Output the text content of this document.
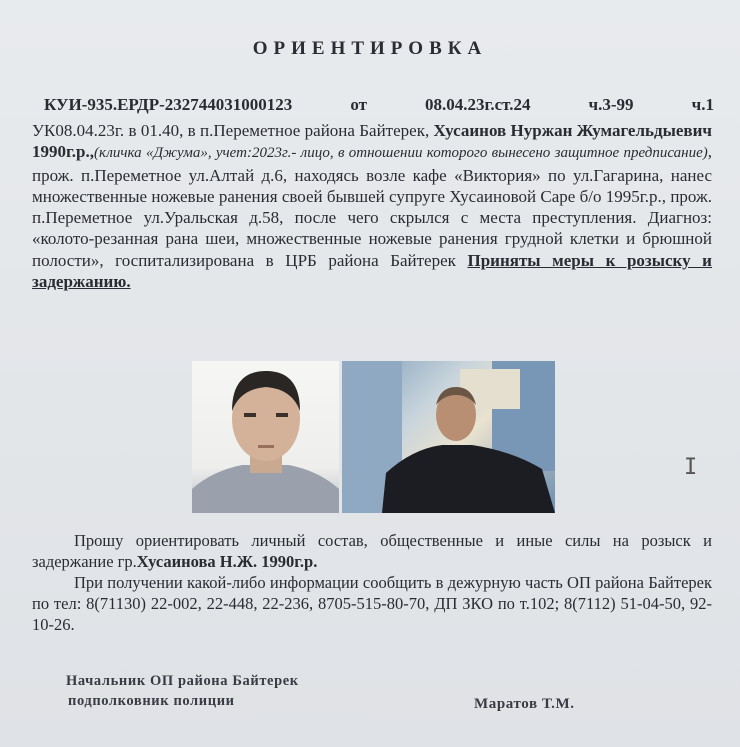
ОРИЕНТИРОВКА
КУИ-935.ЕРДР-232744031000123	от	08.04.23г.ст.24	ч.3-99	ч.1
УК08.04.23г. в 01.40, в п.Переметное района Байтерек, Хусаинов Нуржан Жумагельдыевич 1990г.р.,(кличка «Джума», учет:2023г.- лицо, в отношении которого вынесено защитное предписание), прож. п.Переметное ул.Алтай д.6, находясь возле кафе «Виктория» по ул.Гагарина, нанес множественные ножевые ранения своей бывшей супруге Хусаиновой Саре б/о 1995г.р., прож. п.Переметное ул.Уральская д.58, после чего скрылся с места преступления. Диагноз: «колото-резанная рана шеи, множественные ножевые ранения грудной клетки и брюшной полости», госпитализирована в ЦРБ района Байтерек Приняты меры к розыску и задержанию.
I

Прошу ориентировать личный состав, общественные и иные силы на розыск и задержание гр.Хусаинова Н.Ж. 1990г.р.

При получении какой-либо информации сообщить в дежурную часть ОП района Байтерек по тел: 8(71130) 22-002, 22-448, 22-236, 8705-515-80-70, ДП ЗКО по т.102; 8(7112) 51-04-50, 92-10-26.

Начальник ОП района Байтерек
подполковник полиции	Маратов Т.М.
